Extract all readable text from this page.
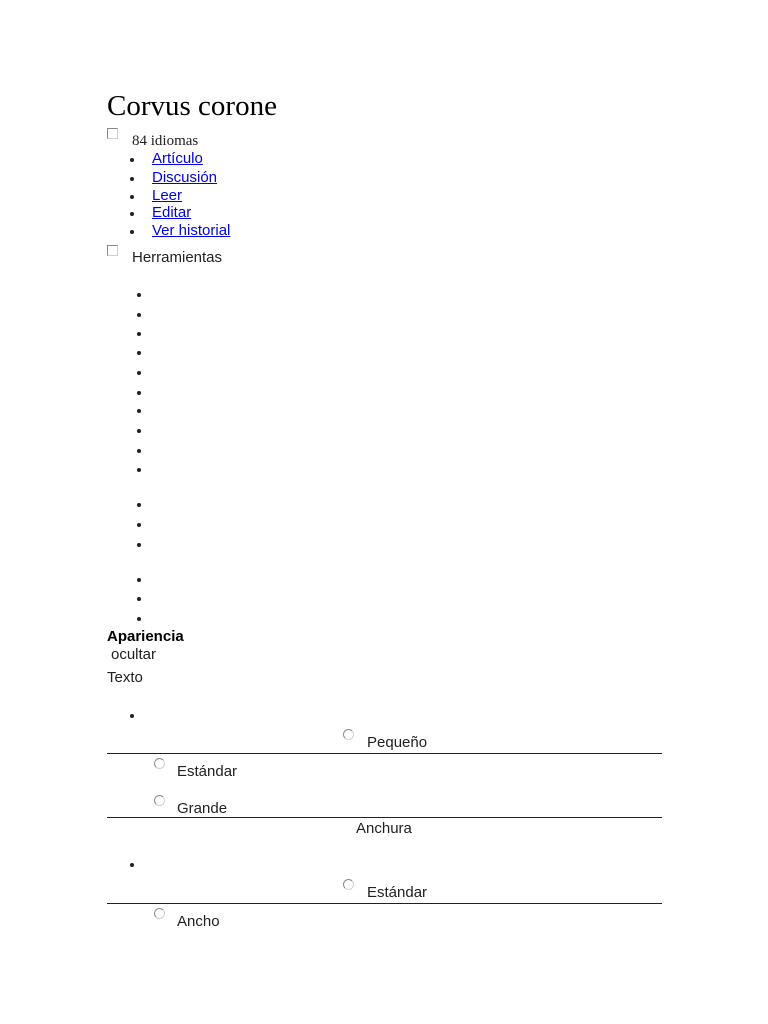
Corvus corone
84 idiomas
Artículo
Discusión
Leer
Editar
Ver historial
Herramientas
Apariencia
ocultar
Texto
Pequeño
Estándar
Grande
Anchura
Estándar
Ancho
